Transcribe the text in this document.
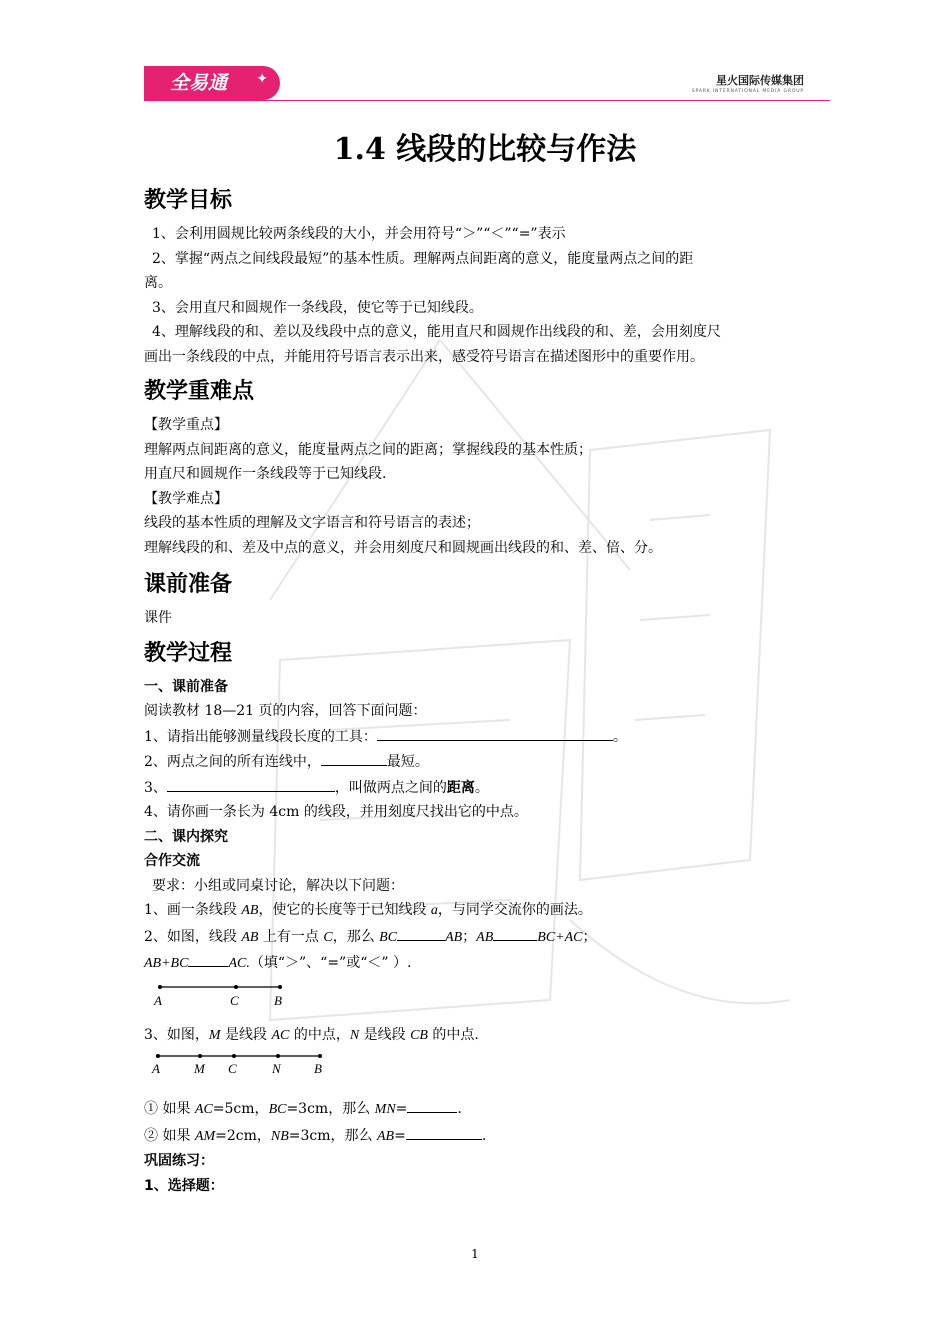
全易通 ✦	星火国际传媒集团
SPARK INTERNATIONAL MEDIA GROUP
1.4 线段的比较与作法
教学目标
1、会利用圆规比较两条线段的大小，并会用符号“＞”“＜”“=”表示
2、掌握“两点之间线段最短”的基本性质。理解两点间距离的意义，能度量两点之间的距
离。
3、会用直尺和圆规作一条线段，使它等于已知线段。
4、理解线段的和、差以及线段中点的意义，能用直尺和圆规作出线段的和、差，会用刻度尺
画出一条线段的中点，并能用符号语言表示出来，感受符号语言在描述图形中的重要作用。
教学重难点
【教学重点】
理解两点间距离的意义，能度量两点之间的距离；掌握线段的基本性质；
用直尺和圆规作一条线段等于已知线段.
【教学难点】
线段的基本性质的理解及文字语言和符号语言的表述；
理解线段的和、差及中点的意义，并会用刻度尺和圆规画出线段的和、差、倍、分。
课前准备
课件
教学过程
一、课前准备
阅读教材 18—21 页的内容，回答下面问题：
1、请指出能够测量线段长度的工具：	。
2、两点之间的所有连线中，	最短。
3、	，叫做两点之间的距离。
4、请你画一条长为 4cm 的线段，并用刻度尺找出它的中点。
二、课内探究
合作交流
要求：小组或同桌讨论，解决以下问题：
1、画一条线段 AB，使它的长度等于已知线段 a，与同学交流你的画法。
2、如图，线段 AB 上有一点 C，那么 BC	AB；AB	BC+AC；
AB+BC	AC.（填“＞”、“=”或“＜” ）.
A	C	B
3、如图，M 是线段 AC 的中点，N 是线段 CB 的中点.
A	M C	N	B
① 如果 AC=5cm，BC=3cm，那么 MN=	.
② 如果 AM=2cm，NB=3cm，那么 AB=	.
巩固练习：
1、选择题：
1
